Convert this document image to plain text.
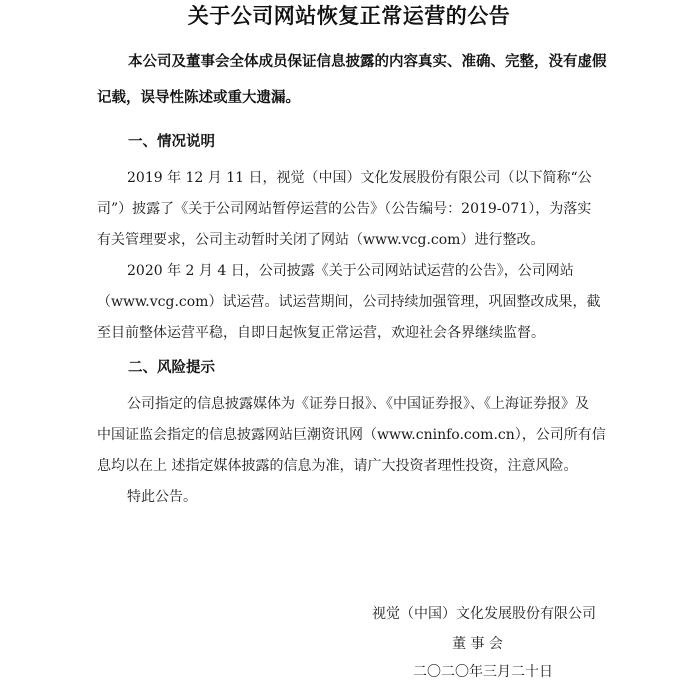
关于公司网站恢复正常运营的公告
本公司及董事会全体成员保证信息披露的内容真实、准确、完整，没有虚假
记载，误导性陈述或重大遗漏。
一、情况说明
2019 年 12 月 11 日，视觉（中国）文化发展股份有限公司（以下简称“公
司”）披露了《关于公司网站暂停运营的公告》（公告编号：2019-071），为落实
有关管理要求，公司主动暂时关闭了网站（www.vcg.com）进行整改。
2020 年 2 月 4 日，公司披露《关于公司网站试运营的公告》，公司网站
（www.vcg.com）试运营。试运营期间，公司持续加强管理，巩固整改成果，截
至目前整体运营平稳，自即日起恢复正常运营，欢迎社会各界继续监督。
二、风险提示
公司指定的信息披露媒体为《证券日报》、《中国证券报》、《上海证券报》及
中国证监会指定的信息披露网站巨潮资讯网（www.cninfo.com.cn），公司所有信
息均以在上 述指定媒体披露的信息为准，请广大投资者理性投资，注意风险。
特此公告。
视觉（中国）文化发展股份有限公司
董 事 会
二〇二〇年三月二十日
